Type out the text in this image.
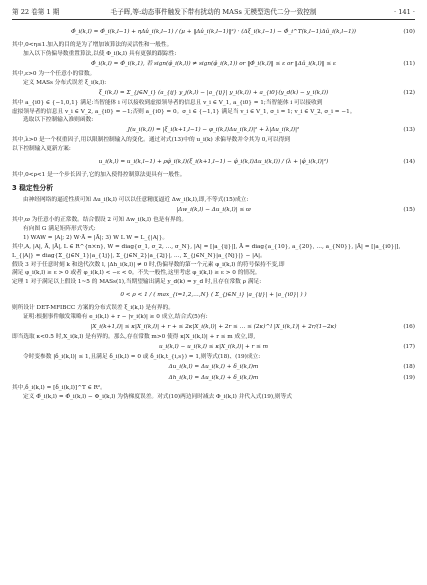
第 22 卷第 1 期	毛子晖,等:动态事件触发下带有扰动的 MASs 无模型迭代二分一致控制	· 141 ·
Φ̂_i(k,l) = Φ̂_i(k,l−1) + ηΔû_i(k,l−1) / (μ + ‖Δû_i(k,l−1)‖²) · (Δξ_i(k,l−1) − Φ̂_i^T(k,l−1)Δû_i(k,l−1))	(10)

其中,0<η≤1.加入的目的是为了增加该算法的灵活性和一般性。

加入以下伪偏导数重置算法,以使 Φ_i(k,l) 具有更强的跟踪性:

Φ̂_i(k,l) = Φ̂_i(k,1), 若 sign(φ̂_i(k,l)) ≠ sign(φ̂_i(k,1)) or ‖Φ̂_i(k,l)‖ ≤ ε or ‖Δû_i(k,l)‖ ≤ ε	(11)

其中,ε>0 为一个任意小的常数。

定义 MASs 分布式误差 ξ_i(k,l):

ξ_i(k,l) = Σ_{j∈N_i} (a_{ij} y_j(k,l) − |a_{ij}| y_i(k,l)) + a_{i0}(y_d(k) − y_i(k,l))	(12)

其中 a_{i0} ∈ {−1,0,1} 满足:当智能体 i 可以接收到虚拟领导者的信息且 v_i ∈ V_1, a_{i0} = 1;当智能体 i 可以接收到

虚拟领导者的信息且 v_i ∈ V_2, a_{i0} = −1;否则 a_{i0} = 0。σ_i ∈ {−1,1} 满足当 v_i ∈ V_1, σ_i = 1; v_i ∈ V_2, σ_i = −1。

选取以下控制输入准则函数:

J(u_i(k,l)) = |ξ_i(k+1,l−1) − φ_i(k,l)Δu_i(k,l)|² + λ|Δu_i(k,l)|²	(13)

其中,λ>0 是一个权重因子,用以限制控制输入的变化。通过对式(13)中的 u_i(k) 求偏导数并令其为 0,可以得到

以下控制输入更新方案:

u_i(k,l) = u_i(k,l−1) + ρφ̂_i(k,l)(ξ_i(k+1,l−1) − φ̂_i(k,l)Δu_i(k,l)) / (λ + |φ̂_i(k,l)|²)	(14)

其中,0<ρ<1 是一个步长因子,它的加入使得控制算法更具有一般性。

3 稳定性分析

由神经网络的逼近性质可知 Δu_i(k,l) 可以以任意精度逼近 Δw_i(k,l),即,不等式(15)成立:

|Δw_i(k,l) − Δu_i(k,l)| ≤ ϖ	(15)

其中,ϖ 为任意小的正常数。结合假设 2 可知 Δw_i(k,l) 也是有界的。

有向图 G 满足矩阵形式等式:

1) WAW = |A|; 2) W·Ā = |Ā|; 3) W L W = L_{|A|}。

其中,A, |A|, Ā, |Ā|, L ∈ R^{n×n}, W = diag{σ_1, σ_2, …, σ_N}, |A| = [|a_{ij}|], Ā = diag{a_{10}, a_{20}, …, a_{N0}}, |Ā| = [|a_{i0}|],

L_{|A|} = diag{Σ_{j∈N_1}|a_{1j}|, Σ_{j∈N_2}|a_{2j}|, …, Σ_{j∈N_N}|a_{Nj}|} − |A|。

假设 3 对于任意时刻 k 和迭代次数 l, |Δh_i(k,l)| ≠ 0 时,伪偏导数的第一个元素 φ_i(k,l) 的符号保持不变,即

满足 φ_i(k,l) ≥ ε > 0 或者 φ_i(k,l) < −ε < 0。不失一般性,这里考虑 φ_i(k,l) ≥ ε > 0 的情况。

定理 1 对于满足以上假设 1~5 的 MASs(1),当期望输出满足 y_d(k) = y_d 时,且存在常数 ρ 满足:

0 < ρ < 1 / ( max_{i=1,2,…,N} ( Σ_{j∈N_i} |a_{ij}| + |a_{i0}| ) )

则所设计 DET-MFIBCC 方案的分布式误差 ξ_i(k,l) 是有界的。

证明:根据事件触发策略有 e_i(k,l) + r − |v_i(k)| ≥ 0 成立,结合式(5)有:

|X_i(k+1,l)| ≤ κ|X_i(k,l)| + r + ≤ 2κ|X_i(k,l)| + 2r ≤ … ≤ (2κ)^l |X_i(k,1)| + 2r/(1−2κ)	(16)

即当选取 κ<0.5 时,X_i(k,l) 是有界的。那么,存在常数 m>0 使得 κ|X_i(k,l)| + r ≤ m 成立,即,

u_i(k,l) − u_i(k,l) ≤ κ|X_i(k,l)| + r ≤ m	(17)

令时变参数 |δ_i(k,l)| ≤ 1,且满足 δ_i(k,l) = 0 或 δ_i(k,t_{i,s}) = 1,则等式(18)、(19)成立:

Δu_i(k,l) = Δu_i(k,l) + δ_i(k,l)m	(18)
Δh_i(k,l) = Δu_i(k,l) + δ_i(k,l)m	(19)

其中,δ_i(k,l) = [δ_i(k,l)]^T ∈ R²。

定义 Φ̃_i(k,l) = Φ̂_i(k,l) − Φ_i(k,l) 为伪梯度误差。对式(10)两边同时减去 Φ_i(k,l) 并代入式(19),则等式
